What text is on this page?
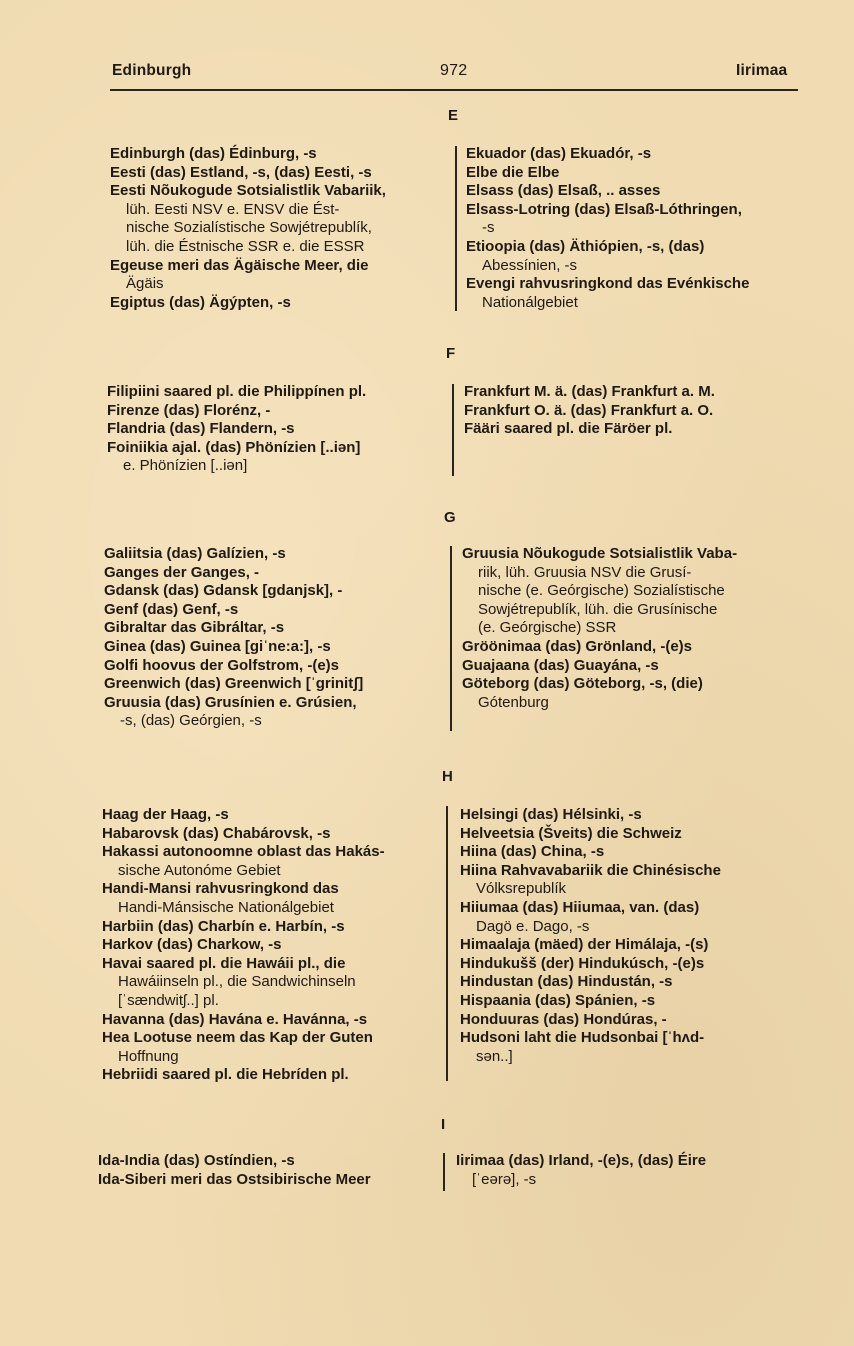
Edinburgh	972	Iirimaa
E
Edinburgh (das) Édinburg, -s
Eesti (das) Estland, -s, (das) Eesti, -s
Eesti Nõukogude Sotsialistlik Vabariik,
lüh. Eesti NSV e. ENSV die Ést-
nische Sozialístische Sowjétrepublík,
lüh. die Éstnische SSR e. die ESSR
Egeuse meri das Ägäische Meer, die
Ägäis
Egiptus (das) Ägýpten, -s
Ekuador (das) Ekuadór, -s
Elbe die Elbe
Elsass (das) Elsaß, .. asses
Elsass-Lotring (das) Elsaß-Lóthringen,
-s
Etioopia (das) Äthiópien, -s, (das)
Abessínien, -s
Evengi rahvusringkond das Evénkische
Nationálgebiet
F
Filipiini saared pl. die Philippínen pl.
Firenze (das) Florénz, -
Flandria (das) Flandern, -s
Foiniikia ajal. (das) Phönízien [..iən]
e. Phönízien [..iən]
Frankfurt M. ä. (das) Frankfurt a. M.
Frankfurt O. ä. (das) Frankfurt a. O.
Fääri saared pl. die Färöer pl.
G
Galiitsia (das) Galízien, -s
Ganges der Ganges, -
Gdansk (das) Gdansk [gdanjsk], -
Genf (das) Genf, -s
Gibraltar das Gibráltar, -s
Ginea (das) Guinea [giˈne:a:], -s
Golfi hoovus der Golfstrom, -(e)s
Greenwich (das) Greenwich [ˈgrinitʃ]
Gruusia (das) Grusínien e. Grúsien,
-s, (das) Geórgien, -s
Gruusia Nõukogude Sotsialistlik Vaba-
riik, lüh. Gruusia NSV die Grusí-
nische (e. Geórgische) Sozialístische
Sowjétrepublík, lüh. die Grusínische
(e. Geórgische) SSR
Gröönimaa (das) Grönland, -(e)s
Guajaana (das) Guayána, -s
Göteborg (das) Göteborg, -s, (die)
Gótenburg
H
Haag der Haag, -s
Habarovsk (das) Chabárovsk, -s
Hakassi autonoomne oblast das Hakás-
sische Autonóme Gebiet
Handi-Mansi rahvusringkond das
Handi-Mánsische Nationálgebiet
Harbiin (das) Charbín e. Harbín, -s
Harkov (das) Charkow, -s
Havai saared pl. die Hawáii pl., die
Hawáiinseln pl., die Sandwichinseln
[ˈsændwitʃ..] pl.
Havanna (das) Havána e. Havánna, -s
Hea Lootuse neem das Kap der Guten
Hoffnung
Hebriidi saared pl. die Hebríden pl.
Helsingi (das) Hélsinki, -s
Helveetsia (Šveits) die Schweiz
Hiina (das) China, -s
Hiina Rahvavabariik die Chinésische
Vólksrepublík
Hiiumaa (das) Hiiumaa, van. (das)
Dagö e. Dago, -s
Himaalaja (mäed) der Himálaja, -(s)
Hindukušš (der) Hindukúsch, -(e)s
Hindustan (das) Hindustán, -s
Hispaania (das) Spánien, -s
Honduuras (das) Hondúras, -
Hudsoni laht die Hudsonbai [ˈhʌd-
sən..]
I
Ida-India (das) Ostíndien, -s
Ida-Siberi meri das Ostsibirische Meer
Iirimaa (das) Irland, -(e)s, (das) Éire
[ˈeərə], -s
